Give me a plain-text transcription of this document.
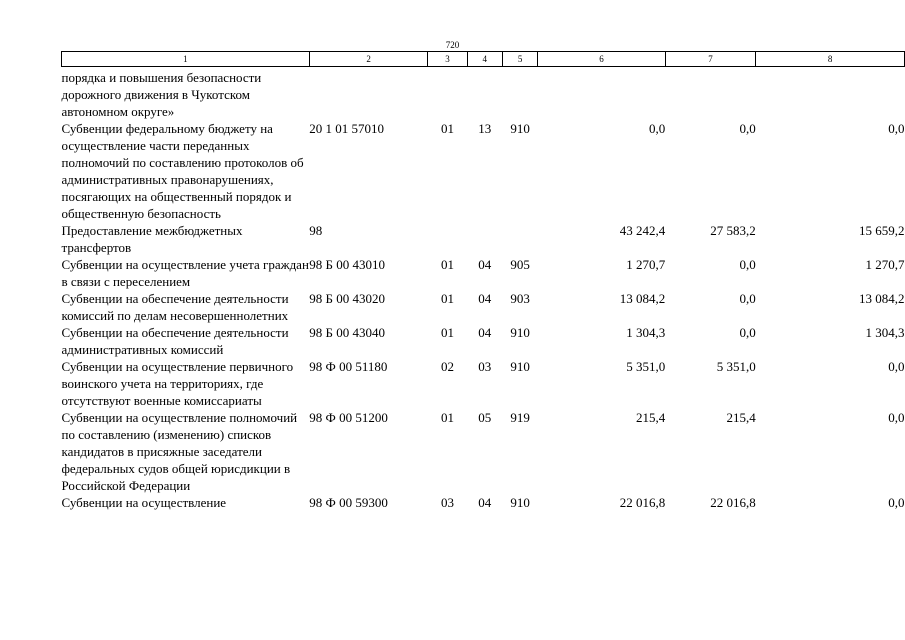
720
1	2	3	4	5	6	7	8
порядка и повышения безопасности дорожного движения в Чукотском автономном округе»							
Субвенции федеральному бюджету на осуществление части переданных полномочий по составлению протоколов об административных правонарушениях, посягающих на общественный порядок и общественную безопасность	20 1 01 57010	01	13	910	0,0	0,0	0,0
Предоставление межбюджетных трансфертов	98				43 242,4	27 583,2	15 659,2
Субвенции на осуществление учета граждан в связи с переселением	98 Б 00 43010	01	04	905	1 270,7	0,0	1 270,7
Субвенции на обеспечение деятельности комиссий по делам несовершеннолетних	98 Б 00 43020	01	04	903	13 084,2	0,0	13 084,2
Субвенции на обеспечение деятельности административных комиссий	98 Б 00 43040	01	04	910	1 304,3	0,0	1 304,3
Субвенции на осуществление первичного воинского учета на территориях, где отсутствуют военные комиссариаты	98 Ф 00 51180	02	03	910	5 351,0	5 351,0	0,0
Субвенции на осуществление полномочий по составлению (изменению) списков кандидатов в присяжные заседатели федеральных судов общей юрисдикции в Российской Федерации	98 Ф 00 51200	01	05	919	215,4	215,4	0,0
Субвенции на осуществление	98 Ф 00 59300	03	04	910	22 016,8	22 016,8	0,0
